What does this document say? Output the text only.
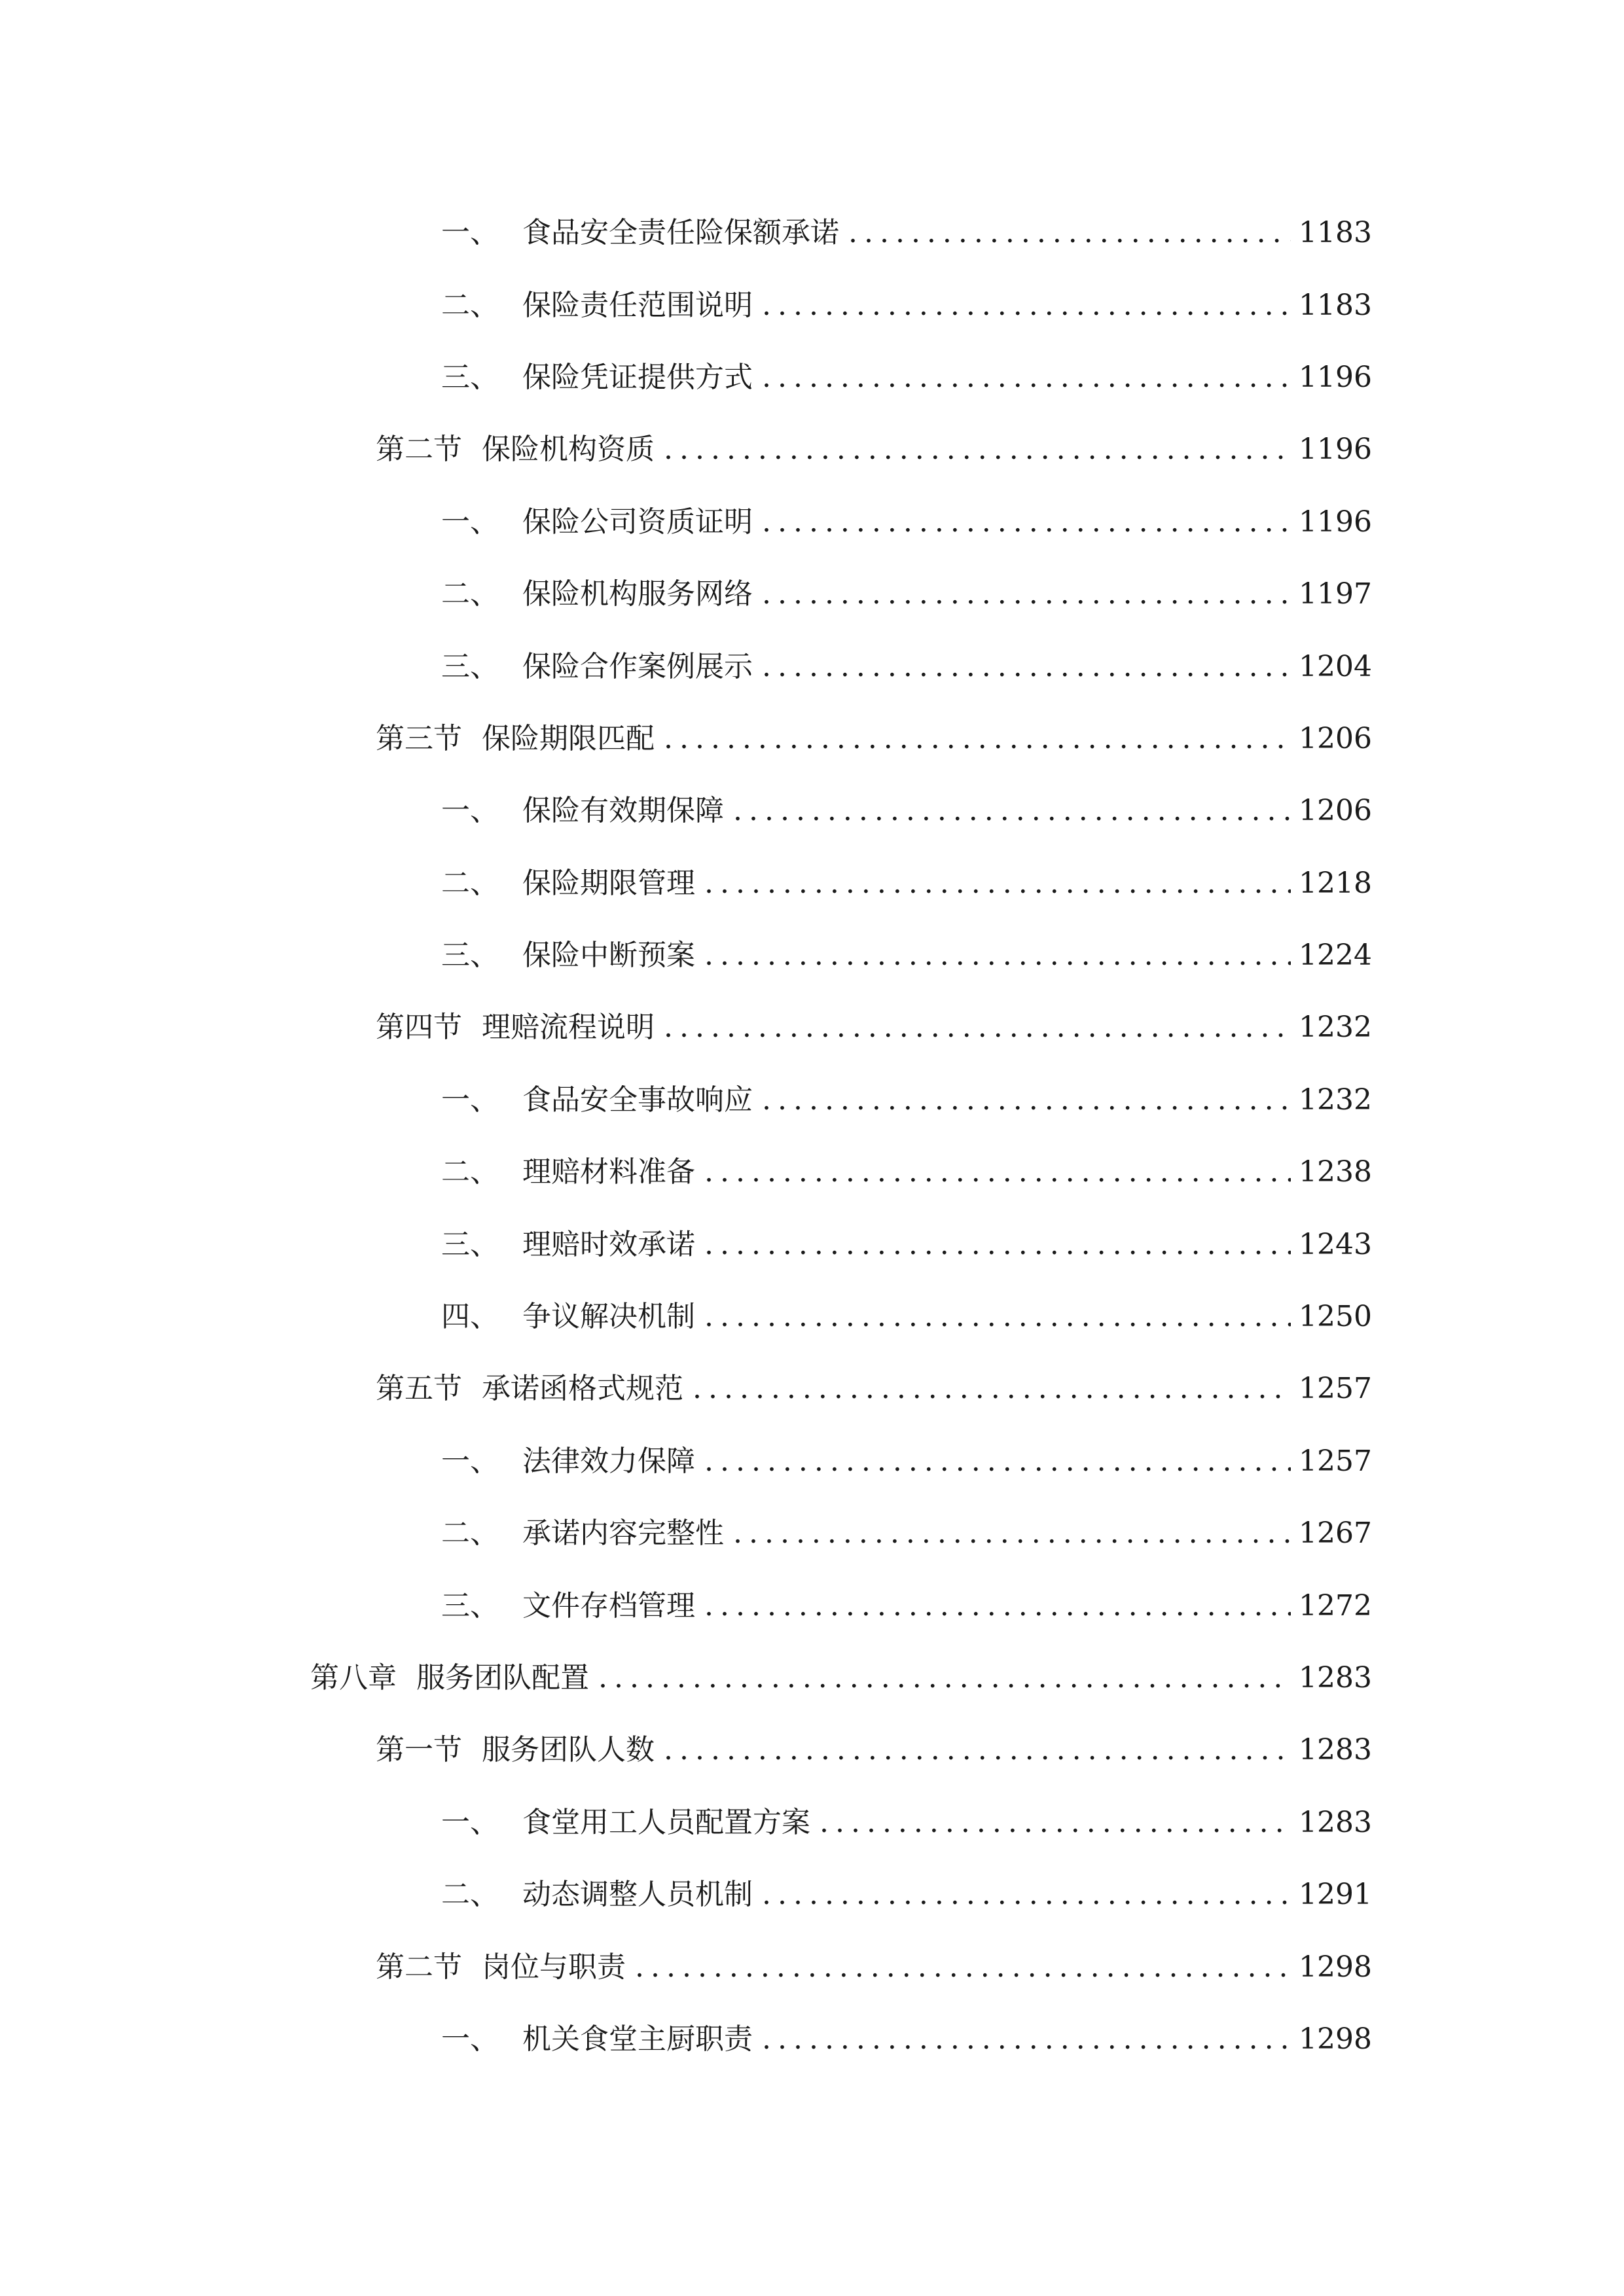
一、 食品安全责任险保额承诺 .....	1183
二、 保险责任范围说明 .....	1183
三、 保险凭证提供方式 .....	1196
第二节 保险机构资质 .....	1196
一、 保险公司资质证明 .....	1196
二、 保险机构服务网络 .....	1197
三、 保险合作案例展示 .....	1204
第三节 保险期限匹配 .....	1206
一、 保险有效期保障 .....	1206
二、 保险期限管理 .....	1218
三、 保险中断预案 .....	1224
第四节 理赔流程说明 .....	1232
一、 食品安全事故响应 .....	1232
二、 理赔材料准备 .....	1238
三、 理赔时效承诺 .....	1243
四、 争议解决机制 .....	1250
第五节 承诺函格式规范 .....	1257
一、 法律效力保障 .....	1257
二、 承诺内容完整性 .....	1267
三、 文件存档管理 .....	1272
第八章 服务团队配置 .....	1283
第一节 服务团队人数 .....	1283
一、 食堂用工人员配置方案 .....	1283
二、 动态调整人员机制 .....	1291
第二节 岗位与职责 .....	1298
一、 机关食堂主厨职责 .....	1298
